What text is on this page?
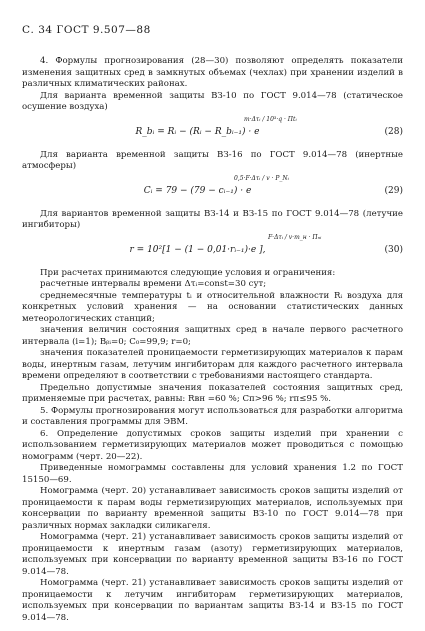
С. 34 ГОСТ 9.507—88

4. Формулы прогнозирования (28—30) позволяют определять показатели изменения защитных сред в замкнутых объемах (чехлах) при хранении изделий в различных климатических районах.

Для варианта временной защиты ВЗ-10 по ГОСТ 9.014—78 (статическое осушение воздуха)

m·Δτᵢ / 10³·q · Пtᵢ
R_bᵢ = Rᵢ − (Rᵢ − R_bᵢ₋₁) · e	(28)

Для варианта временной защиты ВЗ-16 по ГОСТ 9.014—78 (инертные атмосферы)

0,5·F·Δτᵢ / v · P_Nᵢ
Cᵢ = 79 − (79 − cᵢ₋₁) · e	(29)

Для вариантов временной защиты ВЗ-14 и ВЗ-15 по ГОСТ 9.014—78 (летучие ингибиторы)

F·Δτᵢ / v·m_н · Пₙᵢ
r = 10²[1 − (1 − 0,01·rᵢ₋₁)·e ],	(30)

При расчетах принимаются следующие условия и ограничения:

расчетные интервалы времени Δτᵢ=const=30 сут;

среднемесячные температуры tᵢ и относительной влажности Rᵢ воздуха для конкретных условий хранения — на основании статистических данных метеорологических станций;

значения величин состояния защитных сред в начале первого расчетного интервала (i=1); Bᵦᵢ=0; C₀=99,9; r=0;

значения показателей проницаемости герметизирующих материалов к парам воды, инертным газам, летучим ингибиторам для каждого расчетного интервала времени определяют в соответствии с требованиями настоящего стандарта.

Предельно допустимые значения показателей состояния защитных сред, применяемые при расчетах, равны: Rвн =60 %; Cп>96 %; rп≤95 %.

5. Формулы прогнозирования могут использоваться для разработки алгоритма и составления программы для ЭВМ.

6. Определение допустимых сроков защиты изделий при хранении с использованием герметизирующих материалов может проводиться с помощью номограмм (черт. 20—22).

Приведенные номограммы составлены для условий хранения 1.2 по ГОСТ 15150—69.

Номограмма (черт. 20) устанавливает зависимость сроков защиты изделий от проницаемости к парам воды герметизирующих материалов, используемых при консервации по варианту временной защиты ВЗ-10 по ГОСТ 9.014—78 при различных нормах закладки силикагеля.

Номограмма (черт. 21) устанавливает зависимость сроков защиты изделий от проницаемости к инертным газам (азоту) герметизирующих материалов, используемых при консервации по варианту временной защиты ВЗ-16 по ГОСТ 9.014—78.

Номограмма (черт. 21) устанавливает зависимость сроков защиты изделий от проницаемости к летучим ингибиторам герметизирующих материалов, используемых при консервации по вариантам защиты ВЗ-14 и ВЗ-15 по ГОСТ 9.014—78.
